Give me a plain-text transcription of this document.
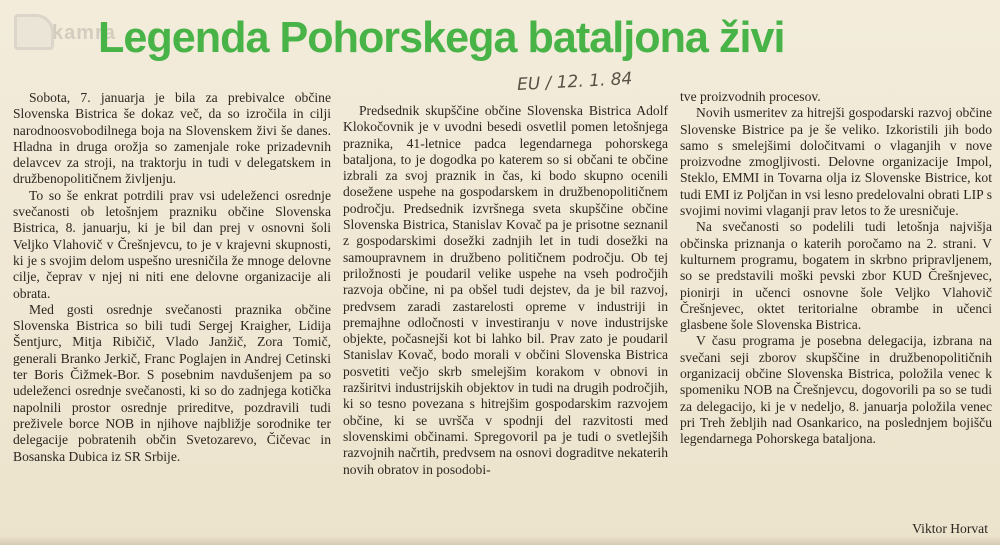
kamra
Legenda Pohorskega bataljona živi
EU / 12. 1. 84

Sobota, 7. januarja je bila za prebivalce občine Slovenska Bistrica še dokaz več, da so izročila in cilji narodnoosvobodilnega boja na Slovenskem živi še danes. Hladna in druga orožja so zamenjale roke prizadevnih delavcev za stroji, na traktorju in tudi v delegatskem in družbenopolitičnem življenju.

To so še enkrat potrdili prav vsi udeleženci osrednje svečanosti ob letošnjem prazniku občine Slovenska Bistrica, 8. januarju, ki je bil dan prej v osnovni šoli Veljko Vlahovič v Črešnjevcu, to je v krajevni skupnosti, ki je s svojim delom uspešno uresničila že mnoge delovne cilje, čeprav v njej ni niti ene delovne organizacije ali obrata.

Med gosti osrednje svečanosti praznika občine Slovenska Bistrica so bili tudi Sergej Kraigher, Lidija Šentjurc, Mitja Ribičič, Vlado Janžič, Zora Tomič, generali Branko Jerkič, Franc Poglajen in Andrej Cetinski ter Boris Čižmek-Bor. S posebnim navdušenjem pa so udeleženci osrednje svečanosti, ki so do zadnjega kotička napolnili prostor osrednje prireditve, pozdravili tudi preživele borce NOB in njihove najbližje sorodnike ter delegacije pobratenih občin Svetozarevo, Čičevac in Bosanska Dubica iz SR Srbije.

Predsednik skupščine občine Slovenska Bistrica Adolf Klokočovnik je v uvodni besedi osvetlil pomen letošnjega praznika, 41-letnice padca legendarnega pohorskega bataljona, to je dogodka po katerem so si občani te občine izbrali za svoj praznik in čas, ki bodo skupno ocenili dosežene uspehe na gospodarskem in družbenopolitičnem področju. Predsednik izvršnega sveta skupščine občine Slovenska Bistrica, Stanislav Kovač pa je prisotne seznanil z gospodarskimi dosežki zadnjih let in tudi dosežki na samoupravnem in družbeno političnem področju. Ob tej priložnosti je poudaril velike uspehe na vseh področjih razvoja občine, ni pa obšel tudi dejstev, da je bil razvoj, predvsem zaradi zastarelosti opreme v industriji in premajhne odločnosti v investiranju v nove industrijske objekte, počasnejši kot bi lahko bil. Prav zato je poudaril Stanislav Kovač, bodo morali v občini Slovenska Bistrica posvetiti večjo skrb smelejšim korakom v obnovi in razširitvi industrijskih objektov in tudi na drugih področjih, ki so tesno povezana s hitrejšim gospodarskim razvojem občine, ki se uvršča v spodnji del razvitosti med slovenskimi občinami. Spregovoril pa je tudi o svetlejših razvojnih načrtih, predvsem na osnovi dograditve nekaterih novih obratov in posodobi-

tve proizvodnih procesov.

Novih usmeritev za hitrejši gospodarski razvoj občine Slovenske Bistrice pa je še veliko. Izkoristili jih bodo samo s smelejšimi določitvami o vlaganjih v nove proizvodne zmogljivosti. Delovne organizacije Impol, Steklo, EMMI in Tovarna olja iz Slovenske Bistrice, kot tudi EMI iz Poljčan in vsi lesno predelovalni obrati LIP s svojimi novimi vlaganji prav letos to že uresničuje.

Na svečanosti so podelili tudi letošnja najvišja občinska priznanja o katerih poročamo na 2. strani. V kulturnem programu, bogatem in skrbno pripravljenem, so se predstavili moški pevski zbor KUD Črešnjevec, pionirji in učenci osnovne šole Veljko Vlahovič Črešnjevec, oktet teritorialne obrambe in učenci glasbene šole Slovenska Bistrica.

V času programa je posebna delegacija, izbrana na svečani seji zborov skupščine in družbenopolitičnih organizacij občine Slovenska Bistrica, položila venec k spomeniku NOB na Črešnjevcu, dogovorili pa so se tudi za delegacijo, ki je v nedeljo, 8. januarja položila venec pri Treh žebljih nad Osankarico, na poslednjem bojišču legendarnega Pohorskega bataljona.

Viktor Horvat
